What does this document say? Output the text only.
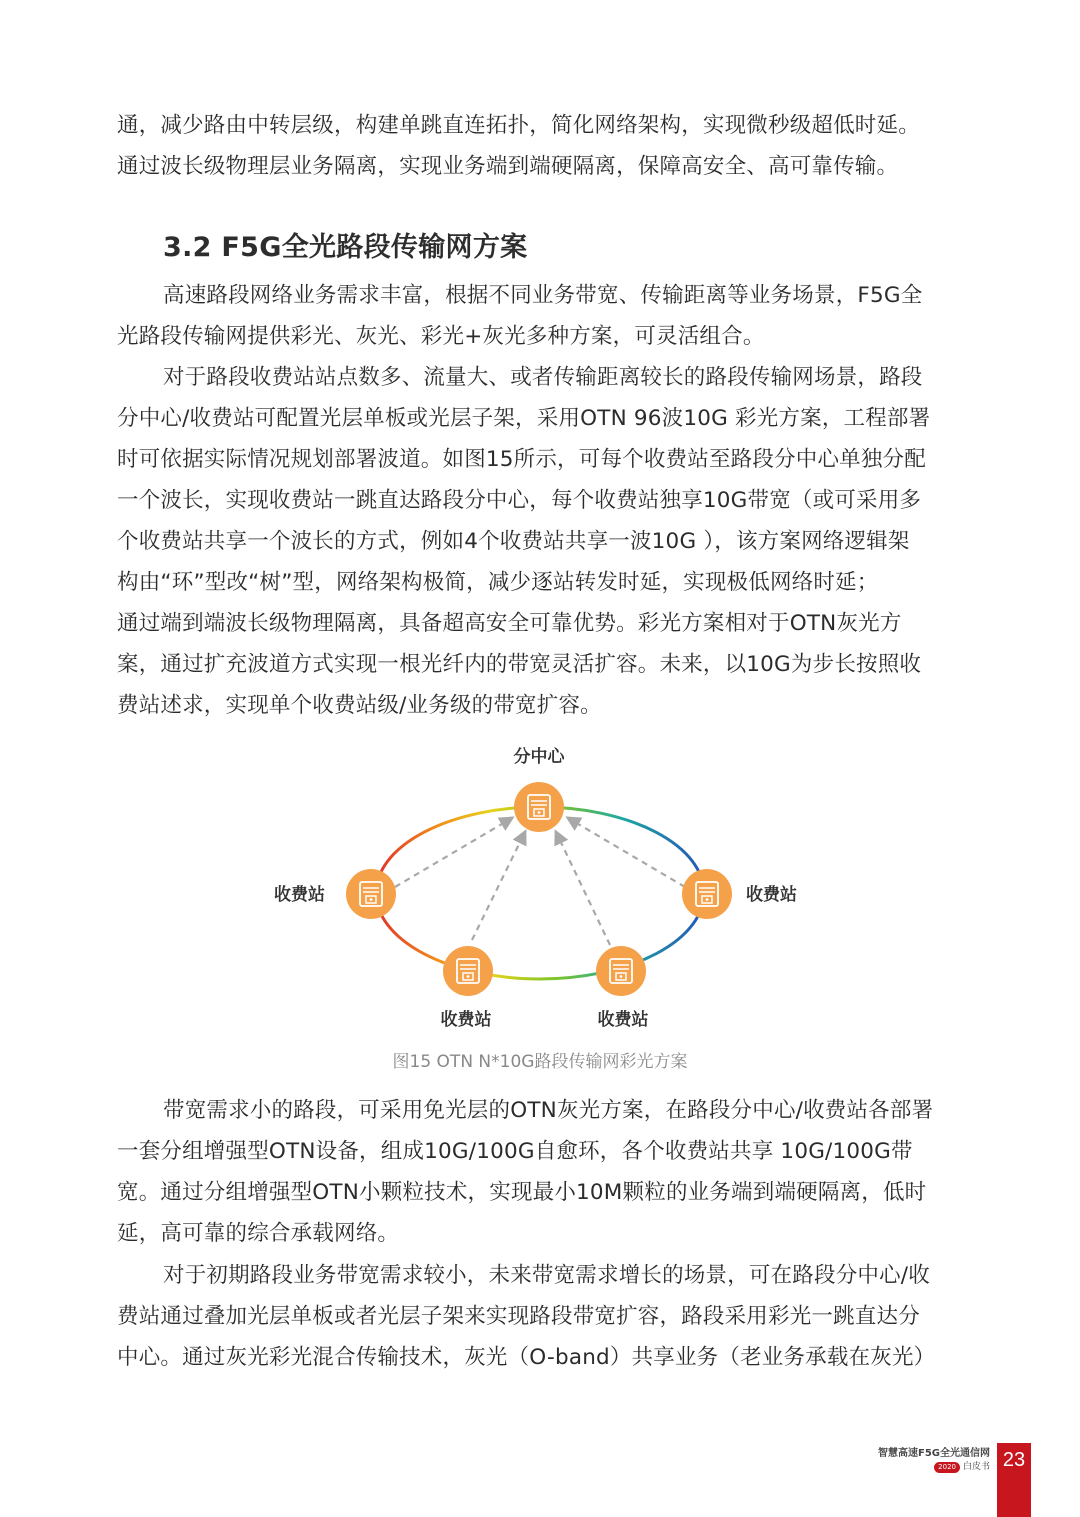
通，减少路由中转层级，构建单跳直连拓扑，简化网络架构，实现微秒级超低时延。
通过波长级物理层业务隔离，实现业务端到端硬隔离，保障高安全、高可靠传输。
3.2 F5G全光路段传输网方案
高速路段网络业务需求丰富，根据不同业务带宽、传输距离等业务场景，F5G全
光路段传输网提供彩光、灰光、彩光+灰光多种方案，可灵活组合。
对于路段收费站站点数多、流量大、或者传输距离较长的路段传输网场景，路段
分中心/收费站可配置光层单板或光层子架，采用OTN 96波10G 彩光方案，工程部署
时可依据实际情况规划部署波道。如图15所示，可每个收费站至路段分中心单独分配
一个波长，实现收费站一跳直达路段分中心，每个收费站独享10G带宽（或可采用多
个收费站共享一个波长的方式，例如4个收费站共享一波10G ），该方案网络逻辑架
构由“环”型改“树”型，网络架构极简，减少逐站转发时延，实现极低网络时延；
通过端到端波长级物理隔离，具备超高安全可靠优势。彩光方案相对于OTN灰光方
案，通过扩充波道方式实现一根光纤内的带宽灵活扩容。未来，以10G为步长按照收
费站述求，实现单个收费站级/业务级的带宽扩容。
分中心
收费站	收费站
收费站	收费站
图15 OTN N*10G路段传输网彩光方案
带宽需求小的路段，可采用免光层的OTN灰光方案，在路段分中心/收费站各部署
一套分组增强型OTN设备，组成10G/100G自愈环，各个收费站共享 10G/100G带
宽。通过分组增强型OTN小颗粒技术，实现最小10M颗粒的业务端到端硬隔离，低时
延，高可靠的综合承载网络。
对于初期路段业务带宽需求较小，未来带宽需求增长的场景，可在路段分中心/收
费站通过叠加光层单板或者光层子架来实现路段带宽扩容，路段采用彩光一跳直达分
中心。通过灰光彩光混合传输技术，灰光（O-band）共享业务（老业务承载在灰光）
智慧高速F5G全光通信网
2020 白皮书 23
